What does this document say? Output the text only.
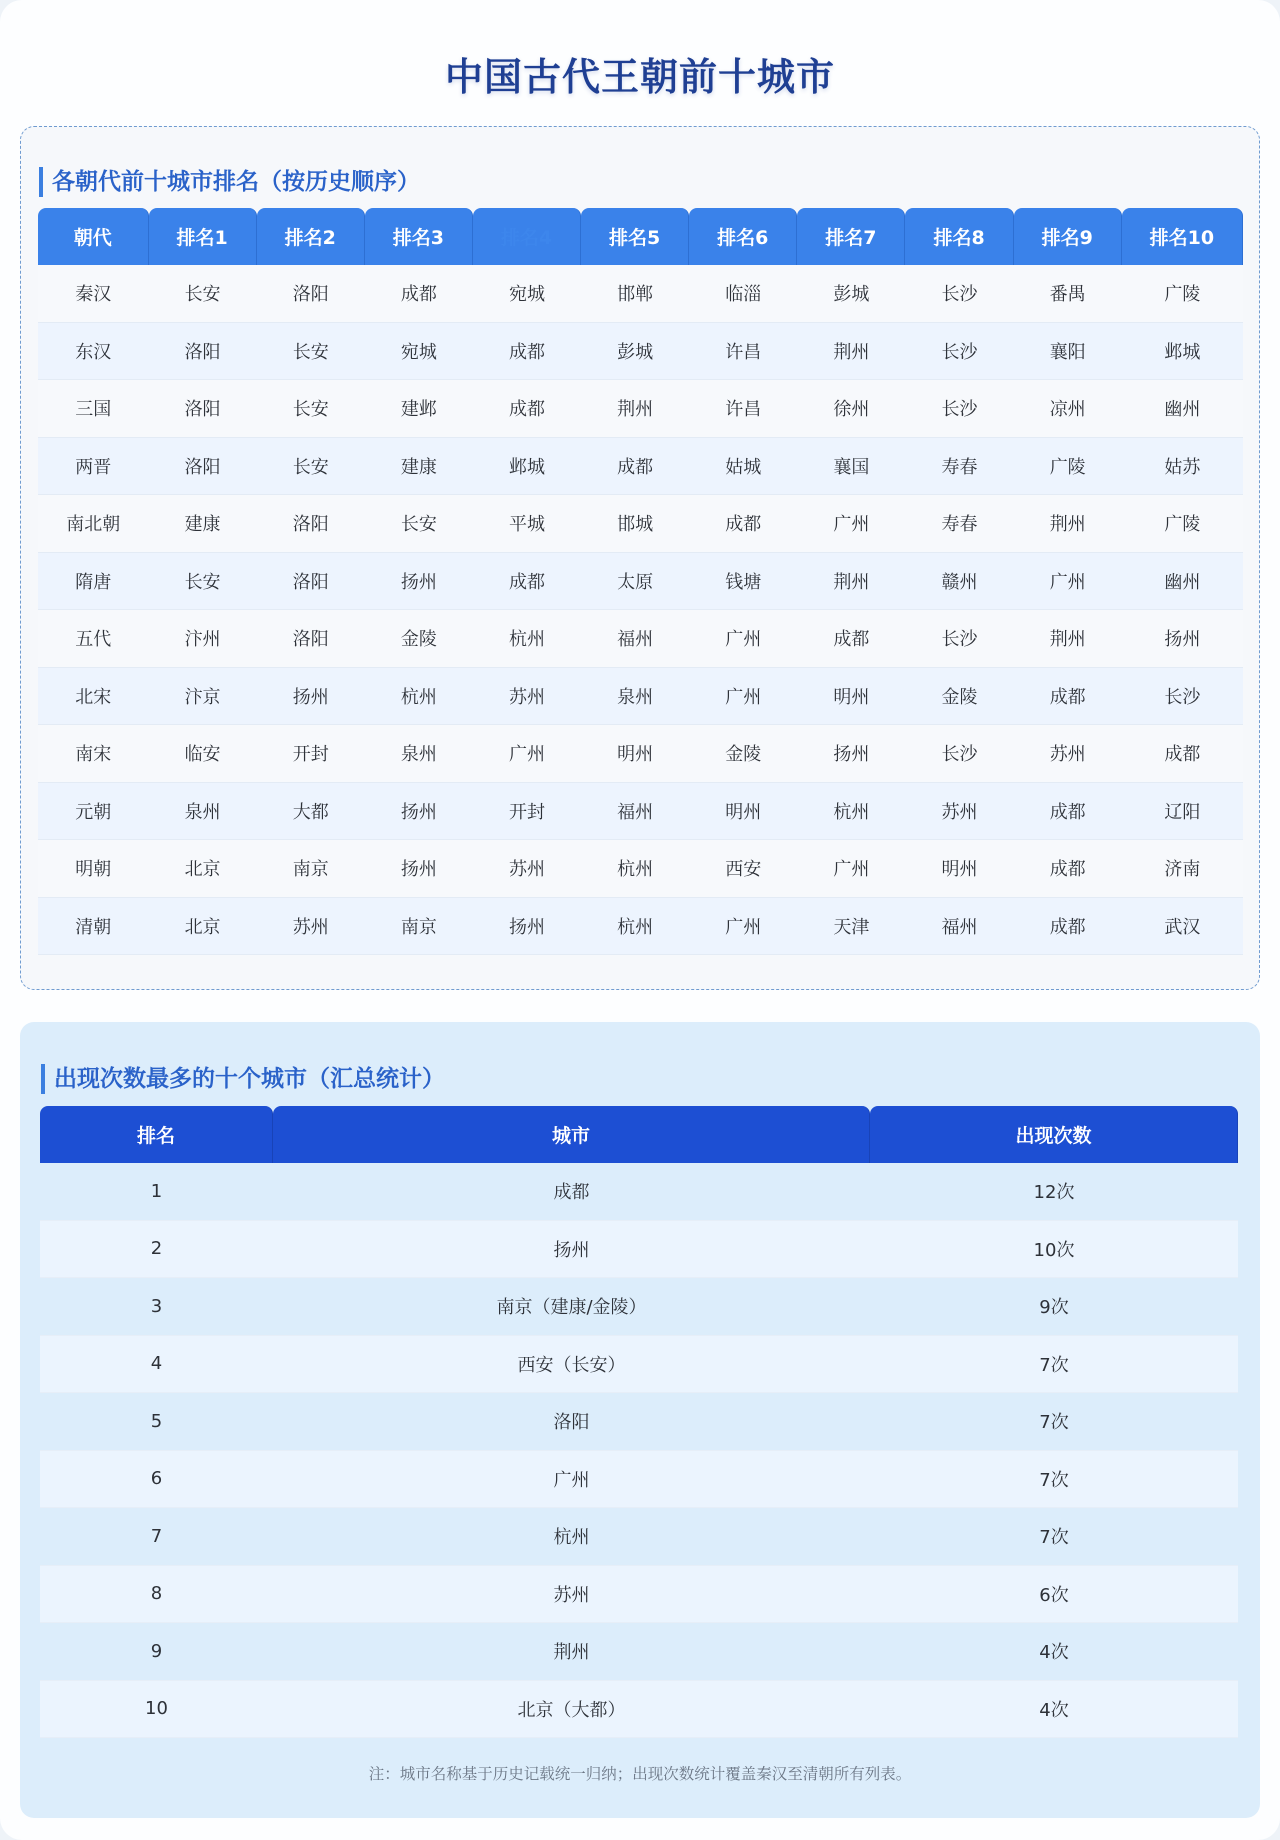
中国古代王朝前十城市
各朝代前十城市排名（按历史顺序）
朝代	排名1	排名2	排名3	排名4	排名5	排名6	排名7	排名8	排名9	排名10
秦汉	长安	洛阳	成都	宛城	邯郸	临淄	彭城	长沙	番禺	广陵
东汉	洛阳	长安	宛城	成都	彭城	许昌	荆州	长沙	襄阳	邺城
三国	洛阳	长安	建邺	成都	荆州	许昌	徐州	长沙	凉州	幽州
两晋	洛阳	长安	建康	邺城	成都	姑城	襄国	寿春	广陵	姑苏
南北朝	建康	洛阳	长安	平城	邯城	成都	广州	寿春	荆州	广陵
隋唐	长安	洛阳	扬州	成都	太原	钱塘	荆州	赣州	广州	幽州
五代	汴州	洛阳	金陵	杭州	福州	广州	成都	长沙	荆州	扬州
北宋	汴京	扬州	杭州	苏州	泉州	广州	明州	金陵	成都	长沙
南宋	临安	开封	泉州	广州	明州	金陵	扬州	长沙	苏州	成都
元朝	泉州	大都	扬州	开封	福州	明州	杭州	苏州	成都	辽阳
明朝	北京	南京	扬州	苏州	杭州	西安	广州	明州	成都	济南
清朝	北京	苏州	南京	扬州	杭州	广州	天津	福州	成都	武汉
出现次数最多的十个城市（汇总统计）
排名	城市	出现次数
1	成都	12次
2	扬州	10次
3	南京（建康/金陵）	9次
4	西安（长安）	7次
5	洛阳	7次
6	广州	7次
7	杭州	7次
8	苏州	6次
9	荆州	4次
10	北京（大都）	4次

注：城市名称基于历史记载统一归纳；出现次数统计覆盖秦汉至清朝所有列表。
